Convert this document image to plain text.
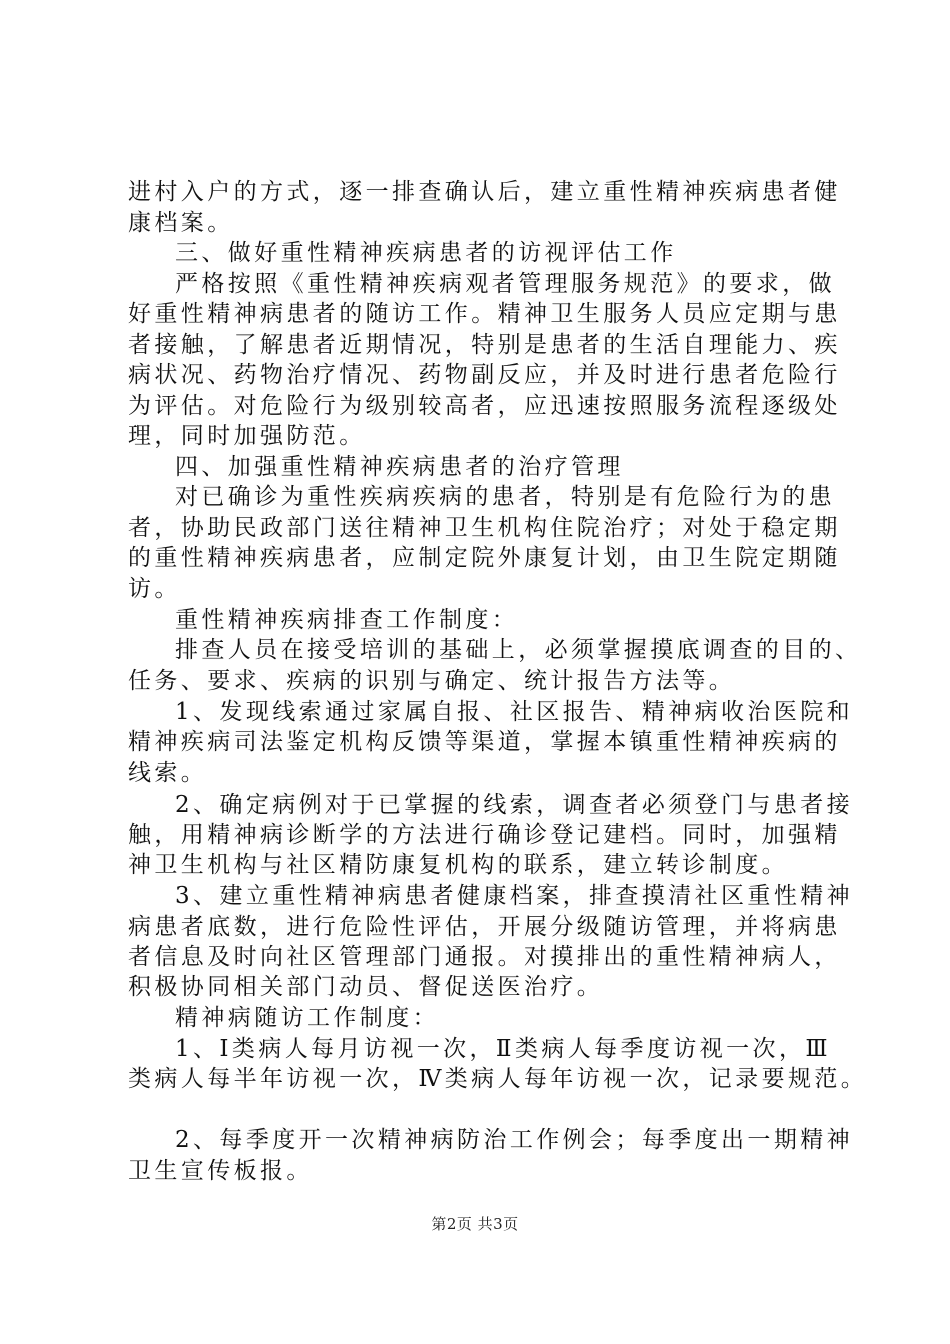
进村入户的方式，逐一排查确认后，建立重性精神疾病患者健
康档案。
三、做好重性精神疾病患者的访视评估工作
严格按照《重性精神疾病观者管理服务规范》的要求，做
好重性精神病患者的随访工作。精神卫生服务人员应定期与患
者接触，了解患者近期情况，特别是患者的生活自理能力、疾
病状况、药物治疗情况、药物副反应，并及时进行患者危险行
为评估。对危险行为级别较高者，应迅速按照服务流程逐级处
理，同时加强防范。
四、加强重性精神疾病患者的治疗管理
对已确诊为重性疾病疾病的患者，特别是有危险行为的患
者，协助民政部门送往精神卫生机构住院治疗；对处于稳定期
的重性精神疾病患者，应制定院外康复计划，由卫生院定期随
访。
重性精神疾病排查工作制度：
排查人员在接受培训的基础上，必须掌握摸底调查的目的、
任务、要求、疾病的识别与确定、统计报告方法等。
1、发现线索通过家属自报、社区报告、精神病收治医院和
精神疾病司法鉴定机构反馈等渠道，掌握本镇重性精神疾病的
线索。
2、确定病例对于已掌握的线索，调查者必须登门与患者接
触，用精神病诊断学的方法进行确诊登记建档。同时，加强精
神卫生机构与社区精防康复机构的联系，建立转诊制度。
3、建立重性精神病患者健康档案，排查摸清社区重性精神
病患者底数，进行危险性评估，开展分级随访管理，并将病患
者信息及时向社区管理部门通报。对摸排出的重性精神病人，
积极协同相关部门动员、督促送医治疗。
精神病随访工作制度：
1、Ⅰ类病人每月访视一次，Ⅱ类病人每季度访视一次，Ⅲ
类病人每半年访视一次，Ⅳ类病人每年访视一次，记录要规范。
2、每季度开一次精神病防治工作例会；每季度出一期精神
卫生宣传板报。
第2页 共3页
